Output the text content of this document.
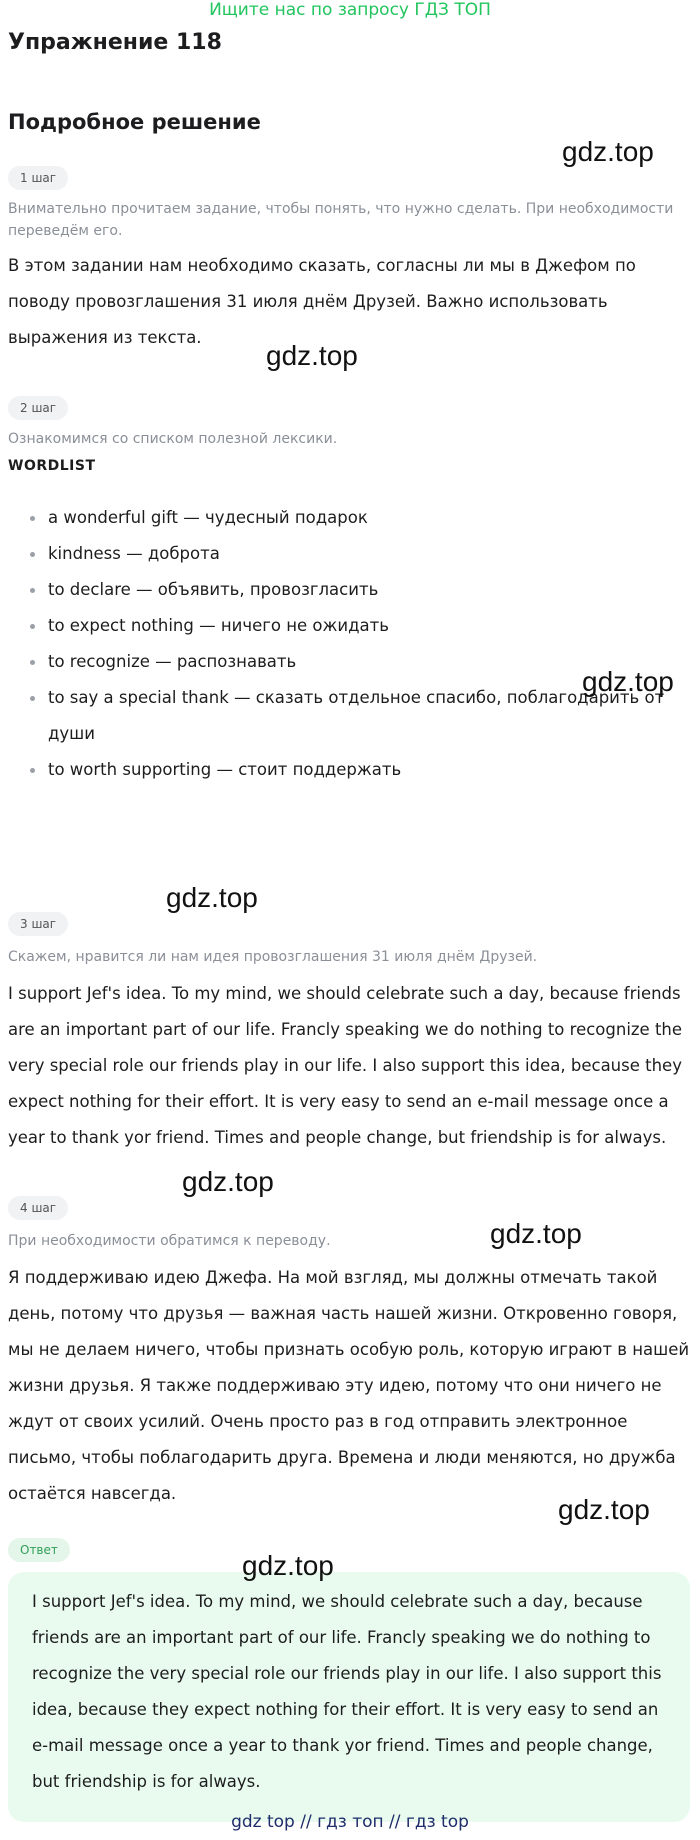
Ищите нас по запросу ГДЗ ТОП
Упражнение 118
Подробное решение
1 шаг
Внимательно прочитаем задание, чтобы понять, что нужно сделать. При необходимости переведём его.
В этом задании нам необходимо сказать, согласны ли мы в Джефом по поводу провозглашения 31 июля днём Друзей. Важно использовать выражения из текста.
2 шаг
Ознакомимся со списком полезной лексики.
WORDLIST
a wonderful gift — чудесный подарок
kindness — доброта
to declare — объявить, провозгласить
to expect nothing — ничего не ожидать
to recognize — распознавать
to say a special thank — сказать отдельное спасибо, поблагодарить от души
to worth supporting — стоит поддержать
3 шаг
Скажем, нравится ли нам идея провозглашения 31 июля днём Друзей.
I support Jef's idea. To my mind, we should celebrate such a day, because friends are an important part of our life. Francly speaking we do nothing to recognize the very special role our friends play in our life. I also support this idea, because they expect nothing for their effort. It is very easy to send an e-mail message once a year to thank yor friend. Times and people change, but friendship is for always.
4 шаг
При необходимости обратимся к переводу.
Я поддерживаю идею Джефа. На мой взгляд, мы должны отмечать такой день, потому что друзья — важная часть нашей жизни. Откровенно говоря, мы не делаем ничего, чтобы признать особую роль, которую играют в нашей жизни друзья. Я также поддерживаю эту идею, потому что они ничего не ждут от своих усилий. Очень просто раз в год отправить электронное письмо, чтобы поблагодарить друга. Времена и люди меняются, но дружба остаётся навсегда.
Ответ
I support Jef's idea. To my mind, we should celebrate such a day, because friends are an important part of our life. Francly speaking we do nothing to recognize the very special role our friends play in our life. I also support this idea, because they expect nothing for their effort. It is very easy to send an e-mail message once a year to thank yor friend. Times and people change, but friendship is for always.
gdz.top
gdz.top
gdz.top
gdz.top
gdz.top
gdz.top
gdz.top
gdz.top
gdz top // гдз топ // гдз top
